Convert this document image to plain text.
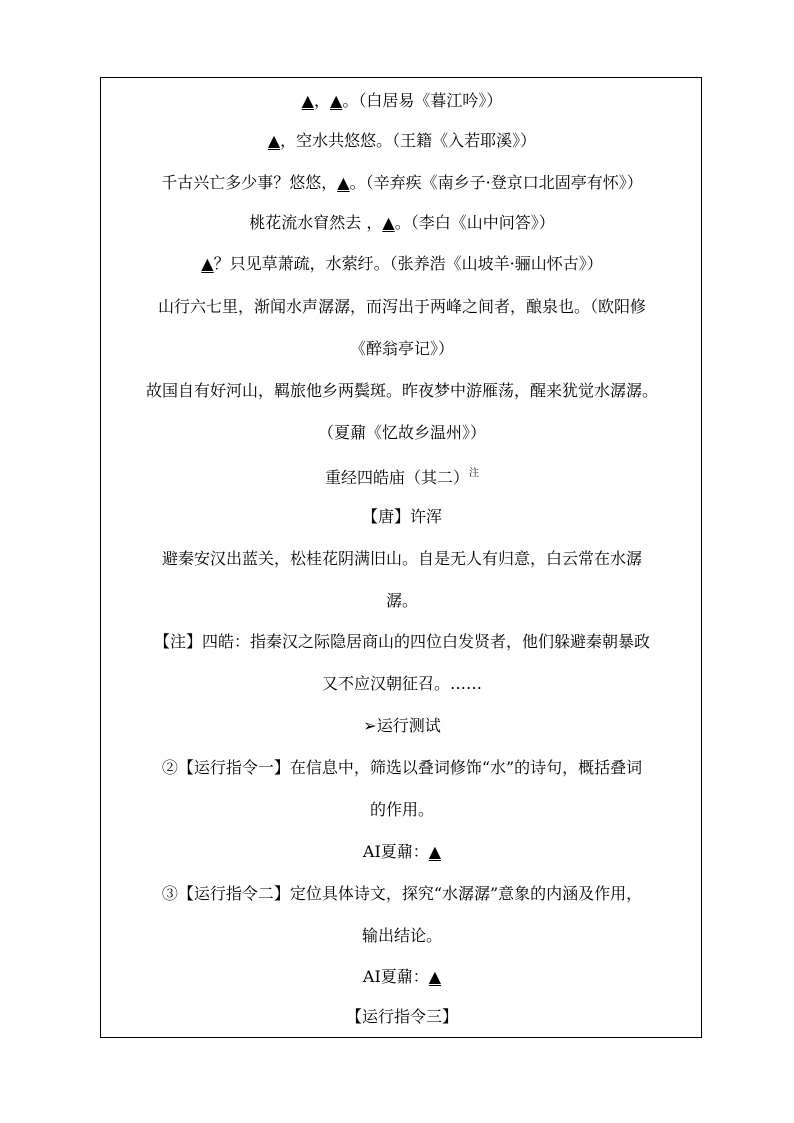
▲，▲。（白居易《暮江吟》）
▲，空水共悠悠。（王籍《入若耶溪》）
千古兴亡多少事？悠悠，▲。（辛弃疾《南乡子·登京口北固亭有怀》）
桃花流水窅然去 ，▲。（李白《山中问答》）
▲？只见草萧疏，水萦纡。（张养浩《山坡羊·骊山怀古》）
山行六七里，渐闻水声潺潺，而泻出于两峰之间者，酿泉也。（欧阳修
《醉翁亭记》）
故国自有好河山，羁旅他乡两鬓斑。昨夜梦中游雁荡，醒来犹觉水潺潺。
（夏鼐《忆故乡温州》）
重经四皓庙（其二）$^注$
【唐】许浑
避秦安汉出蓝关，松桂花阴满旧山。自是无人有归意，白云常在水潺
潺。
【注】四皓：指秦汉之际隐居商山的四位白发贤者，他们躲避秦朝暴政
又不应汉朝征召。……
➢运行测试
②【运行指令一】在信息中，筛选以叠词修饰“水”的诗句，概括叠词
的作用。
AI夏鼐：▲
③【运行指令二】定位具体诗文，探究“水潺潺”意象的内涵及作用，
输出结论。
AI夏鼐：▲
【运行指令三】
